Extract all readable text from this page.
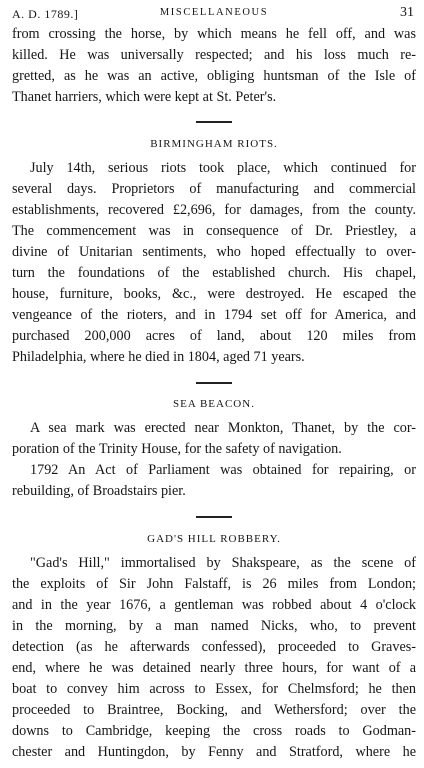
A. D. 1789.]	MISCELLANEOUS	31

from crossing the horse, by which means he fell off, and was

killed. He was universally respected; and his loss much re-

gretted, as he was an active, obliging huntsman of the Isle of

Thanet harriers, which were kept at St. Peter's.

BIRMINGHAM RIOTS.

July 14th, serious riots took place, which continued for

several days. Proprietors of manufacturing and commercial

establishments, recovered £2,696, for damages, from the county.

The commencement was in consequence of Dr. Priestley, a

divine of Unitarian sentiments, who hoped effectually to over-

turn the foundations of the established church. His chapel,

house, furniture, books, &c., were destroyed. He escaped the

vengeance of the rioters, and in 1794 set off for America, and

purchased 200,000 acres of land, about 120 miles from

Philadelphia, where he died in 1804, aged 71 years.

SEA BEACON.

A sea mark was erected near Monkton, Thanet, by the cor-

poration of the Trinity House, for the safety of navigation.

1792 An Act of Parliament was obtained for repairing, or

rebuilding, of Broadstairs pier.

GAD'S HILL ROBBERY.

"Gad's Hill," immortalised by Shakspeare, as the scene of

the exploits of Sir John Falstaff, is 26 miles from London;

and in the year 1676, a gentleman was robbed about 4 o'clock

in the morning, by a man named Nicks, who, to prevent

detection (as he afterwards confessed), proceeded to Graves-

end, where he was detained nearly three hours, for want of a

boat to convey him across to Essex, for Chelmsford; he then

proceeded to Braintree, Bocking, and Wethersford; over the

downs to Cambridge, keeping the cross roads to Godman-

chester and Huntingdon, by Fenny and Stratford, where he
